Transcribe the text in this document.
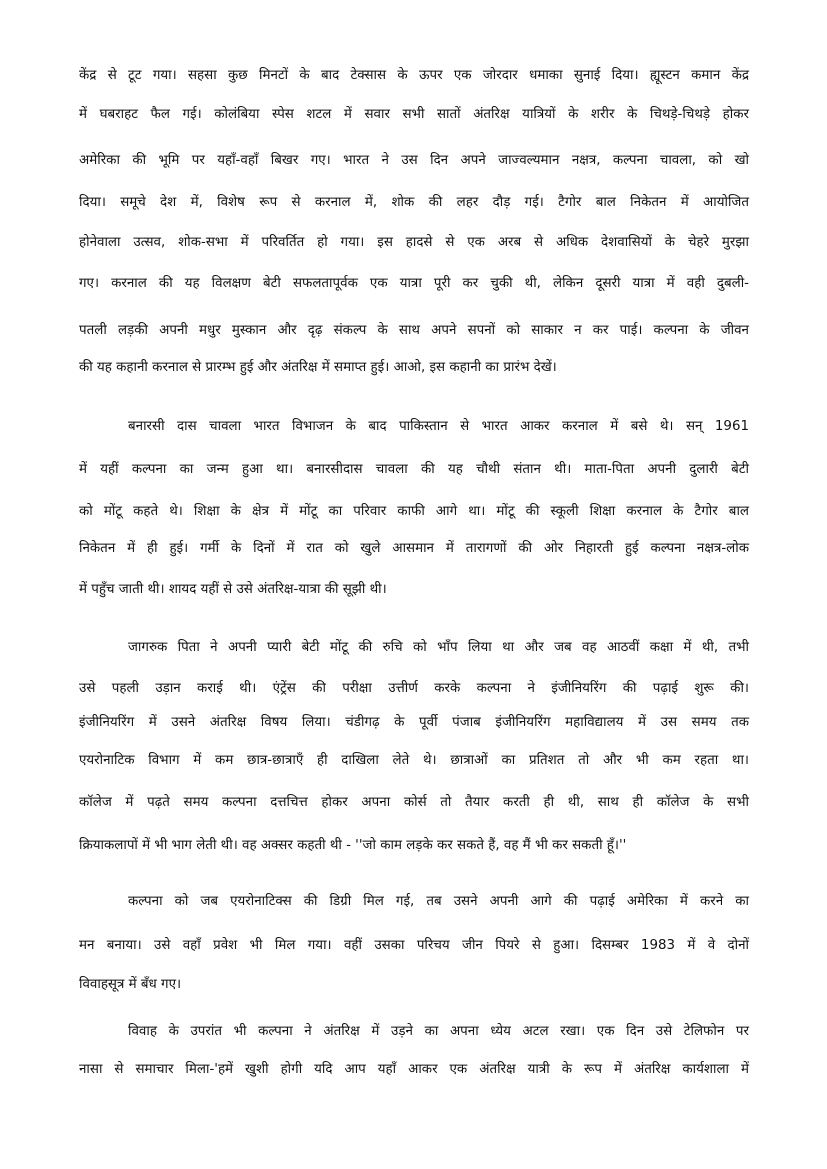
केंद्र से टूट गया। सहसा कुछ मिनटों के बाद टेक्सास के ऊपर एक जोरदार धमाका सुनाई दिया। ह्यूस्टन कमान केंद्र
में घबराहट फैल गई। कोलंबिया स्पेस शटल में सवार सभी सातों अंतरिक्ष यात्रियों के शरीर के चिथड़े-चिथड़े होकर
अमेरिका की भूमि पर यहाँ-वहाँ बिखर गए। भारत ने उस दिन अपने जाज्वल्यमान नक्षत्र, कल्पना चावला, को खो
दिया। समूचे देश में, विशेष रूप से करनाल में, शोक की लहर दौड़ गई। टैगोर बाल निकेतन में आयोजित
होनेवाला उत्सव, शोक-सभा में परिवर्तित हो गया। इस हादसे से एक अरब से अधिक देशवासियों के चेहरे मुरझा
गए। करनाल की यह विलक्षण बेटी सफलतापूर्वक एक यात्रा पूरी कर चुकी थी, लेकिन दूसरी यात्रा में वही दुबली-
पतली लड़की अपनी मधुर मुस्कान और दृढ़ संकल्प के साथ अपने सपनों को साकार न कर पाई। कल्पना के जीवन
की यह कहानी करनाल से प्रारम्भ हुई और अंतरिक्ष में समाप्त हुई। आओ, इस कहानी का प्रारंभ देखें।
बनारसी दास चावला भारत विभाजन के बाद पाकिस्तान से भारत आकर करनाल में बसे थे। सन् 1961
में यहीं कल्पना का जन्म हुआ था। बनारसीदास चावला की यह चौथी संतान थी। माता-पिता अपनी दुलारी बेटी
को मोंटू कहते थे। शिक्षा के क्षेत्र में मोंटू का परिवार काफी आगे था। मोंटू की स्कूली शिक्षा करनाल के टैगोर बाल
निकेतन में ही हुई। गर्मी के दिनों में रात को खुले आसमान में तारागणों की ओर निहारती हुई कल्पना नक्षत्र-लोक
में पहुँच जाती थी। शायद यहीं से उसे अंतरिक्ष-यात्रा की सूझी थी।
जागरुक पिता ने अपनी प्यारी बेटी मोंटू की रुचि को भाँप लिया था और जब वह आठवीं कक्षा में थी, तभी
उसे पहली उड़ान कराई थी। एंट्रेंस की परीक्षा उत्तीर्ण करके कल्पना ने इंजीनियरिंग की पढ़ाई शुरू की।
इंजीनियरिंग में उसने अंतरिक्ष विषय लिया। चंडीगढ़ के पूर्वी पंजाब इंजीनियरिंग महाविद्यालय में उस समय तक
एयरोनाटिक विभाग में कम छात्र-छात्राएँ ही दाखिला लेते थे। छात्राओं का प्रतिशत तो और भी कम रहता था।
कॉलेज में पढ़ते समय कल्पना दत्तचित्त होकर अपना कोर्स तो तैयार करती ही थी, साथ ही कॉलेज के सभी
क्रियाकलापों में भी भाग लेती थी। वह अक्सर कहती थी - ''जो काम लड़के कर सकते हैं, वह मैं भी कर सकती हूँ।''
कल्पना को जब एयरोनाटिक्स की डिग्री मिल गई, तब उसने अपनी आगे की पढ़ाई अमेरिका में करने का
मन बनाया। उसे वहाँ प्रवेश भी मिल गया। वहीं उसका परिचय जीन पियरे से हुआ। दिसम्बर 1983 में वे दोनों
विवाहसूत्र में बँध गए।
विवाह के उपरांत भी कल्पना ने अंतरिक्ष में उड़ने का अपना ध्येय अटल रखा। एक दिन उसे टेलिफोन पर
नासा से समाचार मिला-'हमें खुशी होगी यदि आप यहाँ आकर एक अंतरिक्ष यात्री के रूप में अंतरिक्ष कार्यशाला में
